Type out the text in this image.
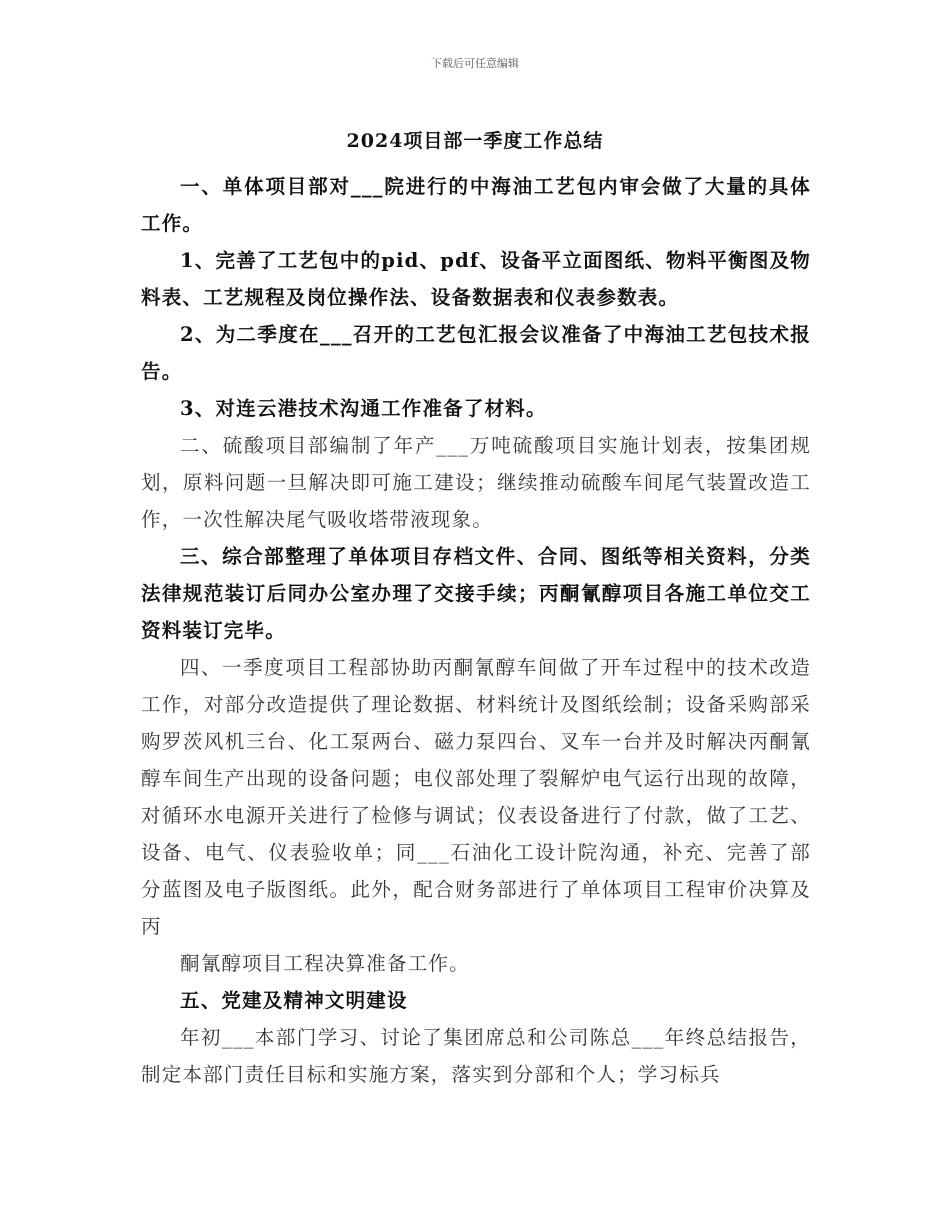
下载后可任意编辑
2024项目部一季度工作总结

一、单体项目部对___院进行的中海油工艺包内审会做了大量的具体工作。

1、完善了工艺包中的pid、pdf、设备平立面图纸、物料平衡图及物料表、工艺规程及岗位操作法、设备数据表和仪表参数表。

2、为二季度在___召开的工艺包汇报会议准备了中海油工艺包技术报告。

3、对连云港技术沟通工作准备了材料。

二、硫酸项目部编制了年产___万吨硫酸项目实施计划表，按集团规划，原料问题一旦解决即可施工建设；继续推动硫酸车间尾气装置改造工作，一次性解决尾气吸收塔带液现象。

三、综合部整理了单体项目存档文件、合同、图纸等相关资料，分类法律规范装订后同办公室办理了交接手续；丙酮氰醇项目各施工单位交工资料装订完毕。

四、一季度项目工程部协助丙酮氰醇车间做了开车过程中的技术改造工作，对部分改造提供了理论数据、材料统计及图纸绘制；设备采购部采购罗茨风机三台、化工泵两台、磁力泵四台、叉车一台并及时解决丙酮氰醇车间生产出现的设备问题；电仪部处理了裂解炉电气运行出现的故障，对循环水电源开关进行了检修与调试；仪表设备进行了付款，做了工艺、设备、电气、仪表验收单；同___石油化工设计院沟通，补充、完善了部分蓝图及电子版图纸。此外，配合财务部进行了单体项目工程审价决算及丙

酮氰醇项目工程决算准备工作。

五、党建及精神文明建设

年初___本部门学习、讨论了集团席总和公司陈总___年终总结报告，制定本部门责任目标和实施方案，落实到分部和个人；学习标兵
